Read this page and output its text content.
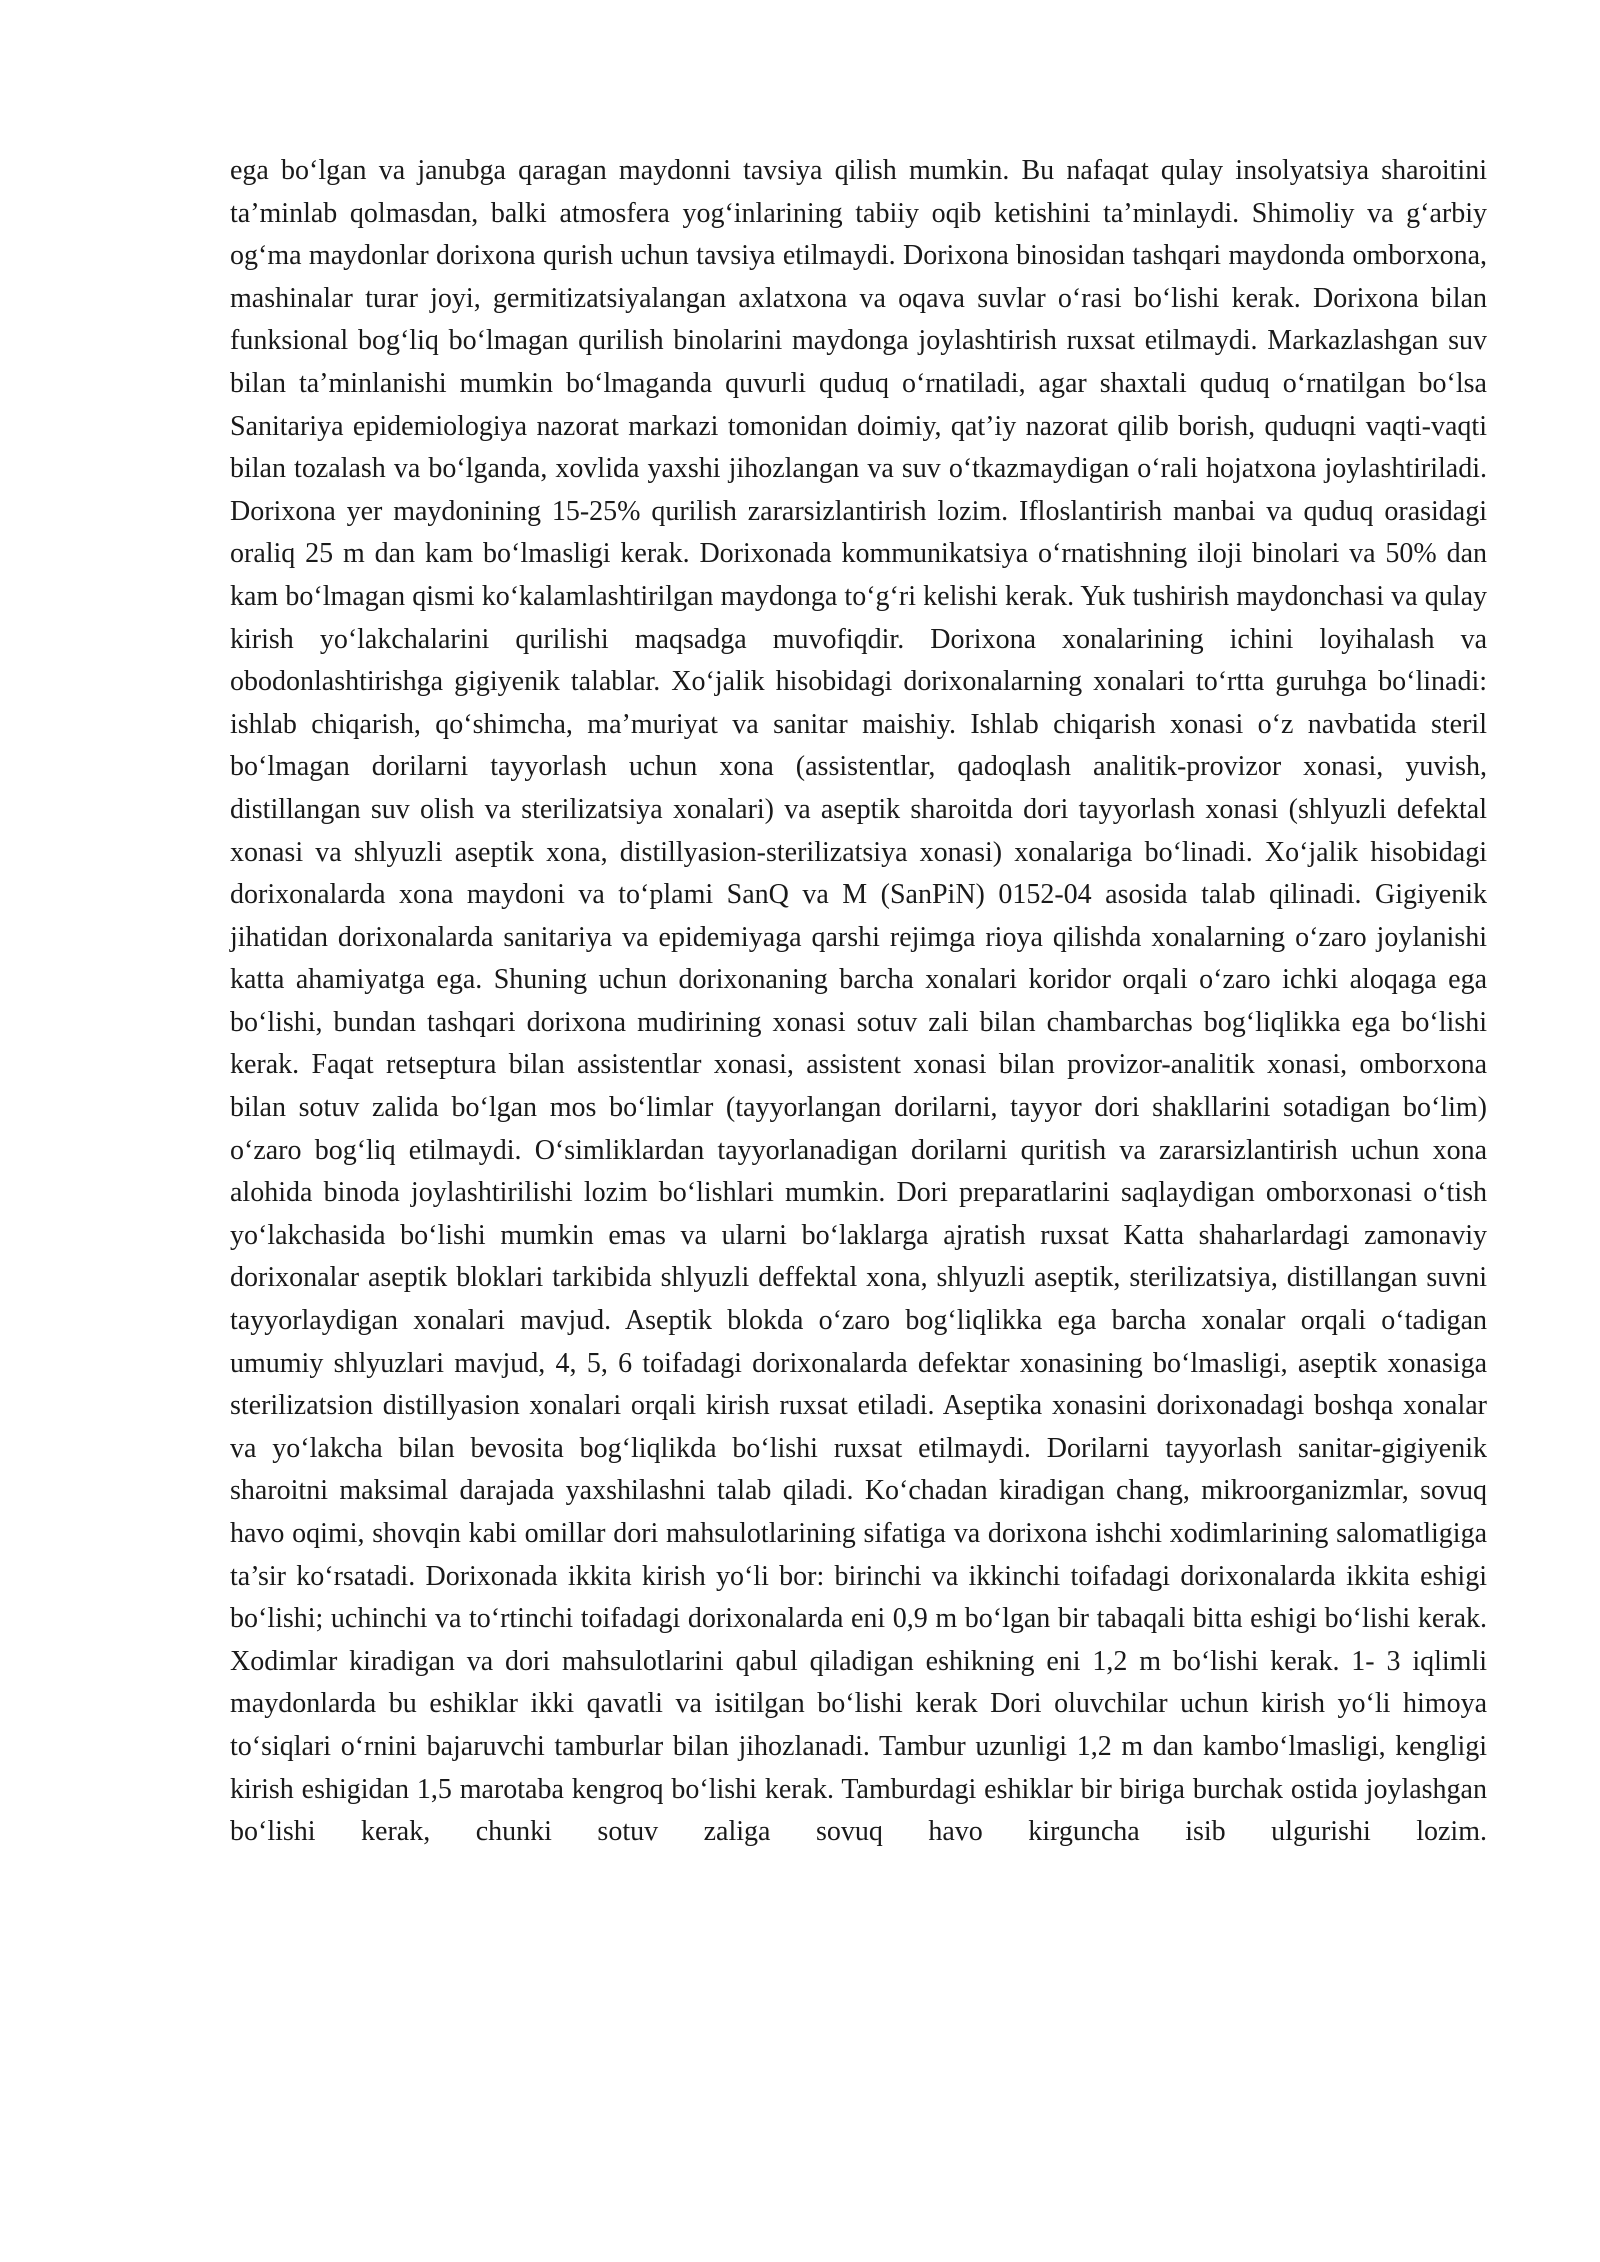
ega bo‘lgan va janubga qaragan maydonni tavsiya qilish mumkin. Bu nafaqat qulay insolyatsiya sharoitini ta’minlab qolmasdan, balki atmosfera yog‘inlarining tabiiy oqib ketishini ta’minlaydi. Shimoliy va g‘arbiy og‘ma maydonlar dorixona qurish uchun tavsiya etilmaydi. Dorixona binosidan tashqari maydonda omborxona, mashinalar turar joyi, germitizatsiyalangan axlatxona va oqava suvlar o‘rasi bo‘lishi kerak. Dorixona bilan funksional bog‘liq bo‘lmagan qurilish binolarini maydonga joylashtirish ruxsat etilmaydi. Markazlashgan suv bilan ta’minlanishi mumkin bo‘lmaganda quvurli quduq o‘rnatiladi, agar shaxtali quduq o‘rnatilgan bo‘lsa Sanitariya epidemiologiya nazorat markazi tomonidan doimiy, qat’iy nazorat qilib borish, quduqni vaqti-vaqti bilan tozalash va bo‘lganda, xovlida yaxshi jihozlangan va suv o‘tkazmaydigan o‘rali hojatxona joylashtiriladi. Dorixona yer maydonining 15-25% qurilish zararsizlantirish lozim. Ifloslantirish manbai va quduq orasidagi oraliq 25 m dan kam bo‘lmasligi kerak. Dorixonada kommunikatsiya o‘rnatishning iloji binolari va 50% dan kam bo‘lmagan qismi ko‘kalamlashtirilgan maydonga to‘g‘ri kelishi kerak. Yuk tushirish maydonchasi va qulay kirish yo‘lakchalarini qurilishi maqsadga muvofiqdir. Dorixona xonalarining ichini loyihalash va obodonlashtirishga gigiyenik talablar. Xo‘jalik hisobidagi dorixonalarning xonalari to‘rtta guruhga bo‘linadi: ishlab chiqarish, qo‘shimcha, ma’muriyat va sanitar maishiy. Ishlab chiqarish xonasi o‘z navbatida steril bo‘lmagan dorilarni tayyorlash uchun xona (assistentlar, qadoqlash analitik-provizor xonasi, yuvish, distillangan suv olish va sterilizatsiya xonalari) va aseptik sharoitda dori tayyorlash xonasi (shlyuzli defektal xonasi va shlyuzli aseptik xona, distillyasion-sterilizatsiya xonasi) xonalariga bo‘linadi. Xo‘jalik hisobidagi dorixonalarda xona maydoni va to‘plami SanQ va M (SanPiN) 0152-04 asosida talab qilinadi. Gigiyenik jihatidan dorixonalarda sanitariya va epidemiyaga qarshi rejimga rioya qilishda xonalarning o‘zaro joylanishi katta ahamiyatga ega. Shuning uchun dorixonaning barcha xonalari koridor orqali o‘zaro ichki aloqaga ega bo‘lishi, bundan tashqari dorixona mudirining xonasi sotuv zali bilan chambarchas bog‘liqlikka ega bo‘lishi kerak. Faqat retseptura bilan assistentlar xonasi, assistent xonasi bilan provizor-analitik xonasi, omborxona bilan sotuv zalida bo‘lgan mos bo‘limlar (tayyorlangan dorilarni, tayyor dori shakllarini sotadigan bo‘lim) o‘zaro bog‘liq etilmaydi. O‘simliklardan tayyorlanadigan dorilarni quritish va zararsizlantirish uchun xona alohida binoda joylashtirilishi lozim bo‘lishlari mumkin. Dori preparatlarini saqlaydigan omborxonasi o‘tish yo‘lakchasida bo‘lishi mumkin emas va ularni bo‘laklarga ajratish ruxsat Katta shaharlardagi zamonaviy dorixonalar aseptik bloklari tarkibida shlyuzli deffektal xona, shlyuzli aseptik, sterilizatsiya, distillangan suvni tayyorlaydigan xonalari mavjud. Aseptik blokda o‘zaro bog‘liqlikka ega barcha xonalar orqali o‘tadigan umumiy shlyuzlari mavjud, 4, 5, 6 toifadagi dorixonalarda defektar xonasining bo‘lmasligi, aseptik xonasiga sterilizatsion distillyasion xonalari orqali kirish ruxsat etiladi. Aseptika xonasini dorixonadagi boshqa xonalar va yo‘lakcha bilan bevosita bog‘liqlikda bo‘lishi ruxsat etilmaydi. Dorilarni tayyorlash sanitar-gigiyenik sharoitni maksimal darajada yaxshilashni talab qiladi. Ko‘chadan kiradigan chang, mikroorganizmlar, sovuq havo oqimi, shovqin kabi omillar dori mahsulotlarining sifatiga va dorixona ishchi xodimlarining salomatligiga ta’sir ko‘rsatadi. Dorixonada ikkita kirish yo‘li bor: birinchi va ikkinchi toifadagi dorixonalarda ikkita eshigi bo‘lishi; uchinchi va to‘rtinchi toifadagi dorixonalarda eni 0,9 m bo‘lgan bir tabaqali bitta eshigi bo‘lishi kerak. Xodimlar kiradigan va dori mahsulotlarini qabul qiladigan eshikning eni 1,2 m bo‘lishi kerak. 1- 3 iqlimli maydonlarda bu eshiklar ikki qavatli va isitilgan bo‘lishi kerak Dori oluvchilar uchun kirish yo‘li himoya to‘siqlari o‘rnini bajaruvchi tamburlar bilan jihozlanadi. Tambur uzunligi 1,2 m dan kambo‘lmasligi, kengligi kirish eshigidan 1,5 marotaba kengroq bo‘lishi kerak. Tamburdagi eshiklar bir biriga burchak ostida joylashgan bo‘lishi kerak, chunki sotuv zaliga sovuq havo kirguncha isib ulgurishi lozim.
